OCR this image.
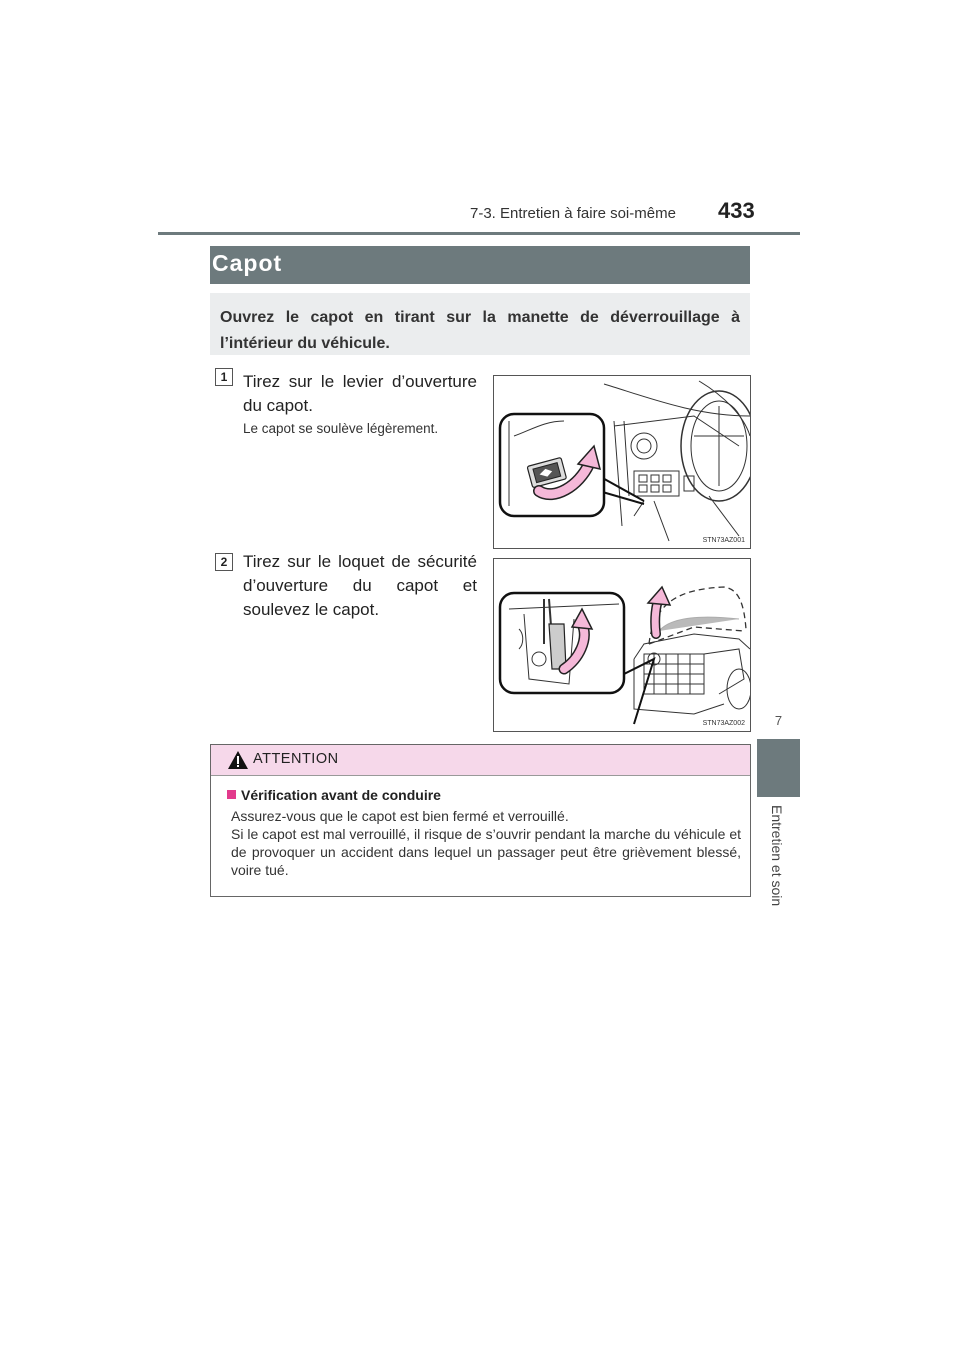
7-3. Entretien à faire soi-même 433
Capot
Ouvrez le capot en tirant sur la manette de déverrouillage à l’intérieur du véhicule.
1 Tirez sur le levier d’ouverture du capot.
Le capot se soulève légèrement.
STN73AZ001
2 Tirez sur le loquet de sécurité d’ouverture du capot et soulevez le capot.
STN73AZ002	7
Entretien et soin
ATTENTION
Vérification avant de conduire

Assurez-vous que le capot est bien fermé et verrouillé.

Si le capot est mal verrouillé, il risque de s’ouvrir pendant la marche du véhicule et de provoquer un accident dans lequel un passager peut être grièvement blessé, voire tué.
